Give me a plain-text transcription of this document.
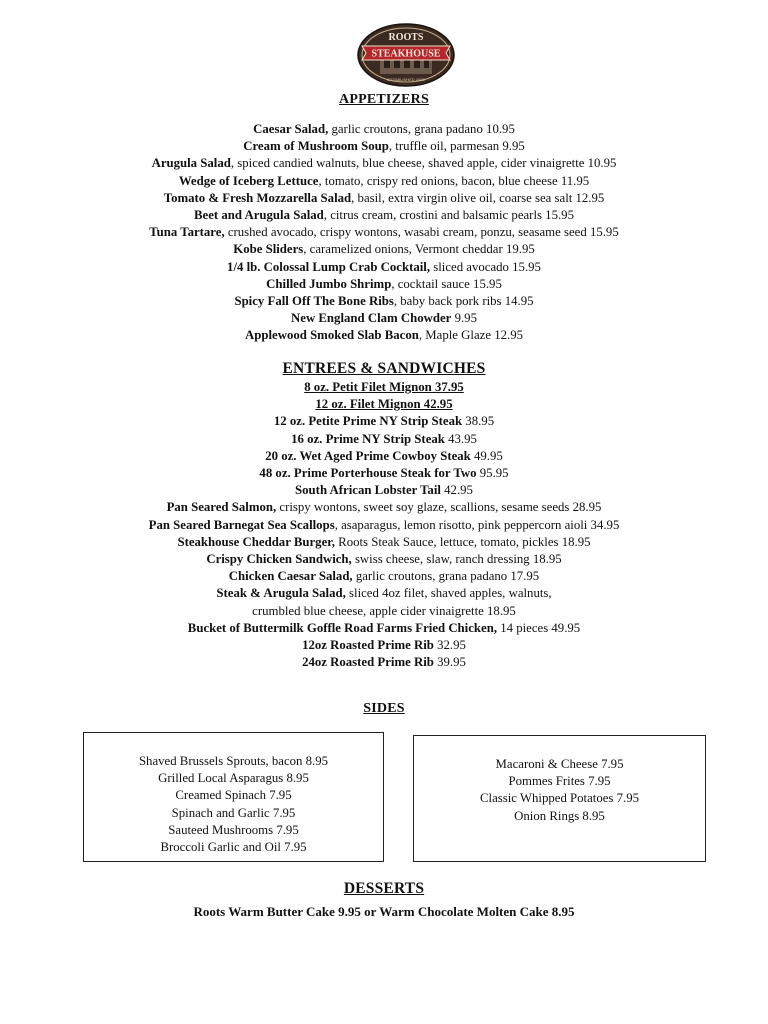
ROOTS
STEAKHOUSE
ESTABLISHED 2008
APPETIZERS
Caesar Salad, garlic croutons, grana padano 10.95
Cream of Mushroom Soup, truffle oil, parmesan 9.95
Arugula Salad, spiced candied walnuts, blue cheese, shaved apple, cider vinaigrette 10.95
Wedge of Iceberg Lettuce, tomato, crispy red onions, bacon, blue cheese 11.95
Tomato & Fresh Mozzarella Salad, basil, extra virgin olive oil, coarse sea salt 12.95
Beet and Arugula Salad, citrus cream, crostini and balsamic pearls 15.95
Tuna Tartare, crushed avocado, crispy wontons, wasabi cream, ponzu, seasame seed 15.95
Kobe Sliders, caramelized onions, Vermont cheddar 19.95
1/4 lb. Colossal Lump Crab Cocktail, sliced avocado 15.95
Chilled Jumbo Shrimp, cocktail sauce 15.95
Spicy Fall Off The Bone Ribs, baby back pork ribs 14.95
New England Clam Chowder 9.95
Applewood Smoked Slab Bacon, Maple Glaze 12.95
ENTREES & SANDWICHES
8 oz. Petit Filet Mignon 37.95
12 oz. Filet Mignon 42.95
12 oz. Petite Prime NY Strip Steak 38.95
16 oz. Prime NY Strip Steak 43.95
20 oz. Wet Aged Prime Cowboy Steak 49.95
48 oz. Prime Porterhouse Steak for Two 95.95
South African Lobster Tail 42.95
Pan Seared Salmon, crispy wontons, sweet soy glaze, scallions, sesame seeds 28.95
Pan Seared Barnegat Sea Scallops, asaparagus, lemon risotto, pink peppercorn aioli 34.95
Steakhouse Cheddar Burger, Roots Steak Sauce, lettuce, tomato, pickles 18.95
Crispy Chicken Sandwich, swiss cheese, slaw, ranch dressing 18.95
Chicken Caesar Salad, garlic croutons, grana padano 17.95
Steak & Arugula Salad, sliced 4oz filet, shaved apples, walnuts,
crumbled blue cheese, apple cider vinaigrette 18.95
Bucket of Buttermilk Goffle Road Farms Fried Chicken, 14 pieces 49.95
12oz Roasted Prime Rib 32.95
24oz Roasted Prime Rib 39.95
SIDES
Shaved Brussels Sprouts, bacon 8.95
Grilled Local Asparagus 8.95
Creamed Spinach 7.95
Spinach and Garlic 7.95
Sauteed Mushrooms 7.95
Broccoli Garlic and Oil 7.95
Macaroni & Cheese 7.95
Pommes Frites 7.95
Classic Whipped Potatoes 7.95
Onion Rings 8.95
DESSERTS
Roots Warm Butter Cake 9.95 or Warm Chocolate Molten Cake 8.95
